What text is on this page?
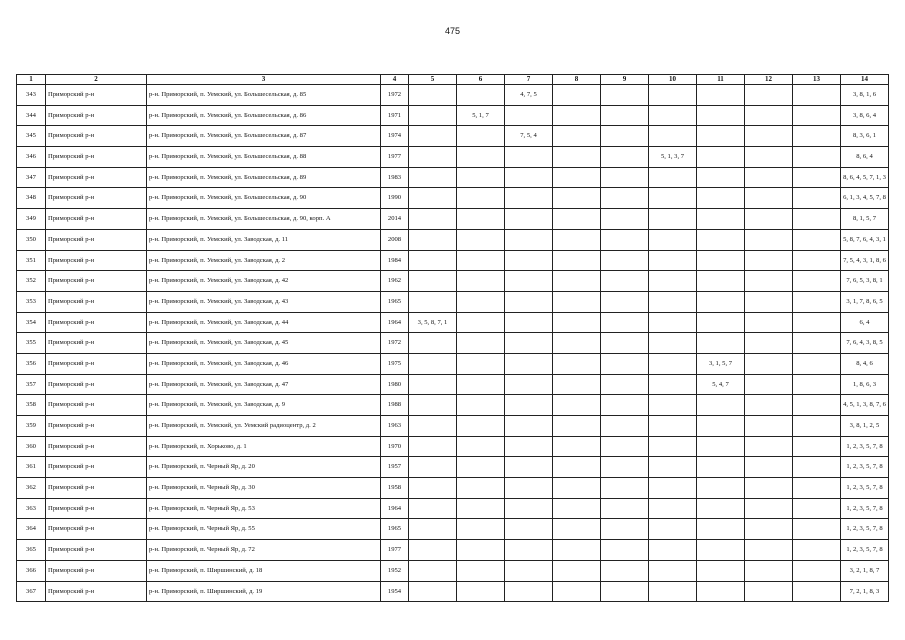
475
1	2	3	4	5	6	7	8	9	10	11	12	13	14
343	Приморский р-н	р-н. Приморский, п. Уемский, ул. Большесельская, д. 85	1972			4, 7, 5							3, 8, 1, 6
344	Приморский р-н	р-н. Приморский, п. Уемский, ул. Большесельская, д. 86	1971		5, 1, 7								3, 8, 6, 4
345	Приморский р-н	р-н. Приморский, п. Уемский, ул. Большесельская, д. 87	1974			7, 5, 4							8, 3, 6, 1
346	Приморский р-н	р-н. Приморский, п. Уемский, ул. Большесельская, д. 88	1977						5, 1, 3, 7				8, 6, 4
347	Приморский р-н	р-н. Приморский, п. Уемский, ул. Большесельская, д. 89	1983										8, 6, 4, 5, 7, 1, 3
348	Приморский р-н	р-н. Приморский, п. Уемский, ул. Большесельская, д. 90	1990										6, 1, 3, 4, 5, 7, 8
349	Приморский р-н	р-н. Приморский, п. Уемский, ул. Большесельская, д. 90, корп. А	2014										8, 1, 5, 7
350	Приморский р-н	р-н. Приморский, п. Уемский, ул. Заводская, д. 11	2008										5, 8, 7, 6, 4, 3, 1
351	Приморский р-н	р-н. Приморский, п. Уемский, ул. Заводская, д. 2	1984										7, 5, 4, 3, 1, 8, 6
352	Приморский р-н	р-н. Приморский, п. Уемский, ул. Заводская, д. 42	1962										7, 6, 5, 3, 8, 1
353	Приморский р-н	р-н. Приморский, п. Уемский, ул. Заводская, д. 43	1965										3, 1, 7, 8, 6, 5
354	Приморский р-н	р-н. Приморский, п. Уемский, ул. Заводская, д. 44	1964	3, 5, 8, 7, 1									6, 4
355	Приморский р-н	р-н. Приморский, п. Уемский, ул. Заводская, д. 45	1972										7, 6, 4, 3, 8, 5
356	Приморский р-н	р-н. Приморский, п. Уемский, ул. Заводская, д. 46	1975							3, 1, 5, 7			8, 4, 6
357	Приморский р-н	р-н. Приморский, п. Уемский, ул. Заводская, д. 47	1980							5, 4, 7			1, 8, 6, 3
358	Приморский р-н	р-н. Приморский, п. Уемский, ул. Заводская, д. 9	1988										4, 5, 1, 3, 8, 7, 6
359	Приморский р-н	р-н. Приморский, п. Уемский, ул. Уемский радиоцентр, д. 2	1963										3, 8, 1, 2, 5
360	Приморский р-н	р-н. Приморский, п. Хорьково, д. 1	1970										1, 2, 3, 5, 7, 8
361	Приморский р-н	р-н. Приморский, п. Черный Яр, д. 20	1957										1, 2, 3, 5, 7, 8
362	Приморский р-н	р-н. Приморский, п. Черный Яр, д. 30	1958										1, 2, 3, 5, 7, 8
363	Приморский р-н	р-н. Приморский, п. Черный Яр, д. 53	1964										1, 2, 3, 5, 7, 8
364	Приморский р-н	р-н. Приморский, п. Черный Яр, д. 55	1965										1, 2, 3, 5, 7, 8
365	Приморский р-н	р-н. Приморский, п. Черный Яр, д. 72	1977										1, 2, 3, 5, 7, 8
366	Приморский р-н	р-н. Приморский, п. Ширшинский, д. 18	1952										3, 2, 1, 8, 7
367	Приморский р-н	р-н. Приморский, п. Ширшинский, д. 19	1954										7, 2, 1, 8, 3
